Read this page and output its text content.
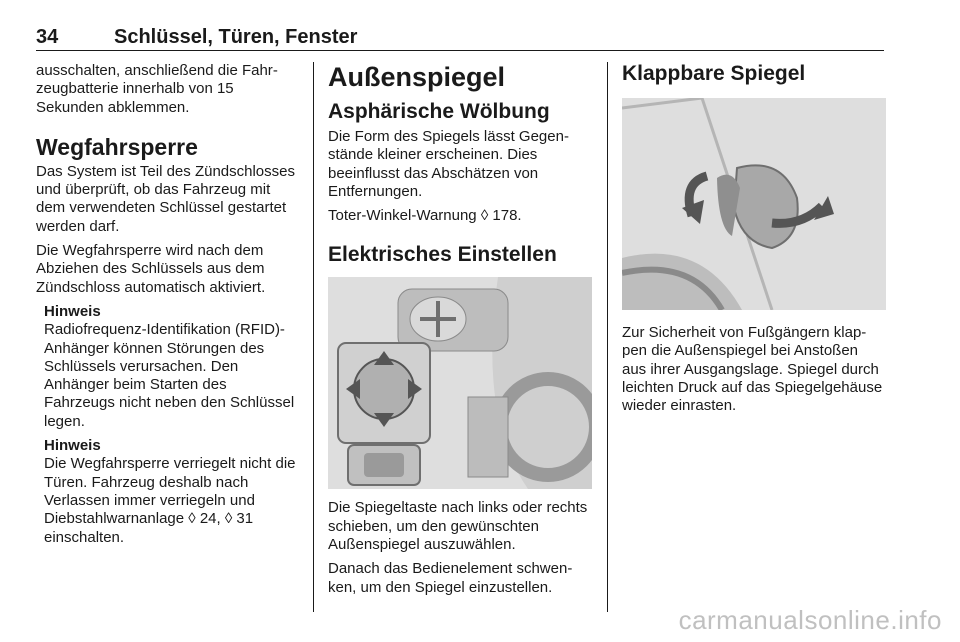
34	Schlüssel, Türen, Fenster

ausschalten, anschließend die Fahrzeugbatterie innerhalb von 15 Sekunden abklemmen.

Wegfahrsperre

Das System ist Teil des Zündschlosses und überprüft, ob das Fahrzeug mit dem verwendeten Schlüssel gestartet werden darf.

Die Wegfahrsperre wird nach dem Abziehen des Schlüssels aus dem Zündschloss automatisch aktiviert.

Hinweis

Radiofrequenz-Identifikation (RFID)-Anhänger können Störungen des Schlüssels verursachen. Den Anhänger beim Starten des Fahrzeugs nicht neben den Schlüssel legen.

Hinweis

Die Wegfahrsperre verriegelt nicht die Türen. Fahrzeug deshalb nach Verlassen immer verriegeln und Diebstahlwarnanlage ◊ 24, ◊ 31 einschalten.

Außenspiegel
Asphärische Wölbung

Die Form des Spiegels lässt Gegenstände kleiner erscheinen. Dies beeinflusst das Abschätzen von Entfernungen.

Toter-Winkel-Warnung ◊ 178.

Elektrisches Einstellen

Die Spiegeltaste nach links oder rechts schieben, um den gewünschten Außenspiegel auszuwählen.

Danach das Bedienelement schwenken, um den Spiegel einzustellen.

Klappbare Spiegel

Zur Sicherheit von Fußgängern klappen die Außenspiegel bei Anstoßen aus ihrer Ausgangslage. Spiegel durch leichten Druck auf das Spiegelgehäuse wieder einrasten.

carmanualsonline.info
